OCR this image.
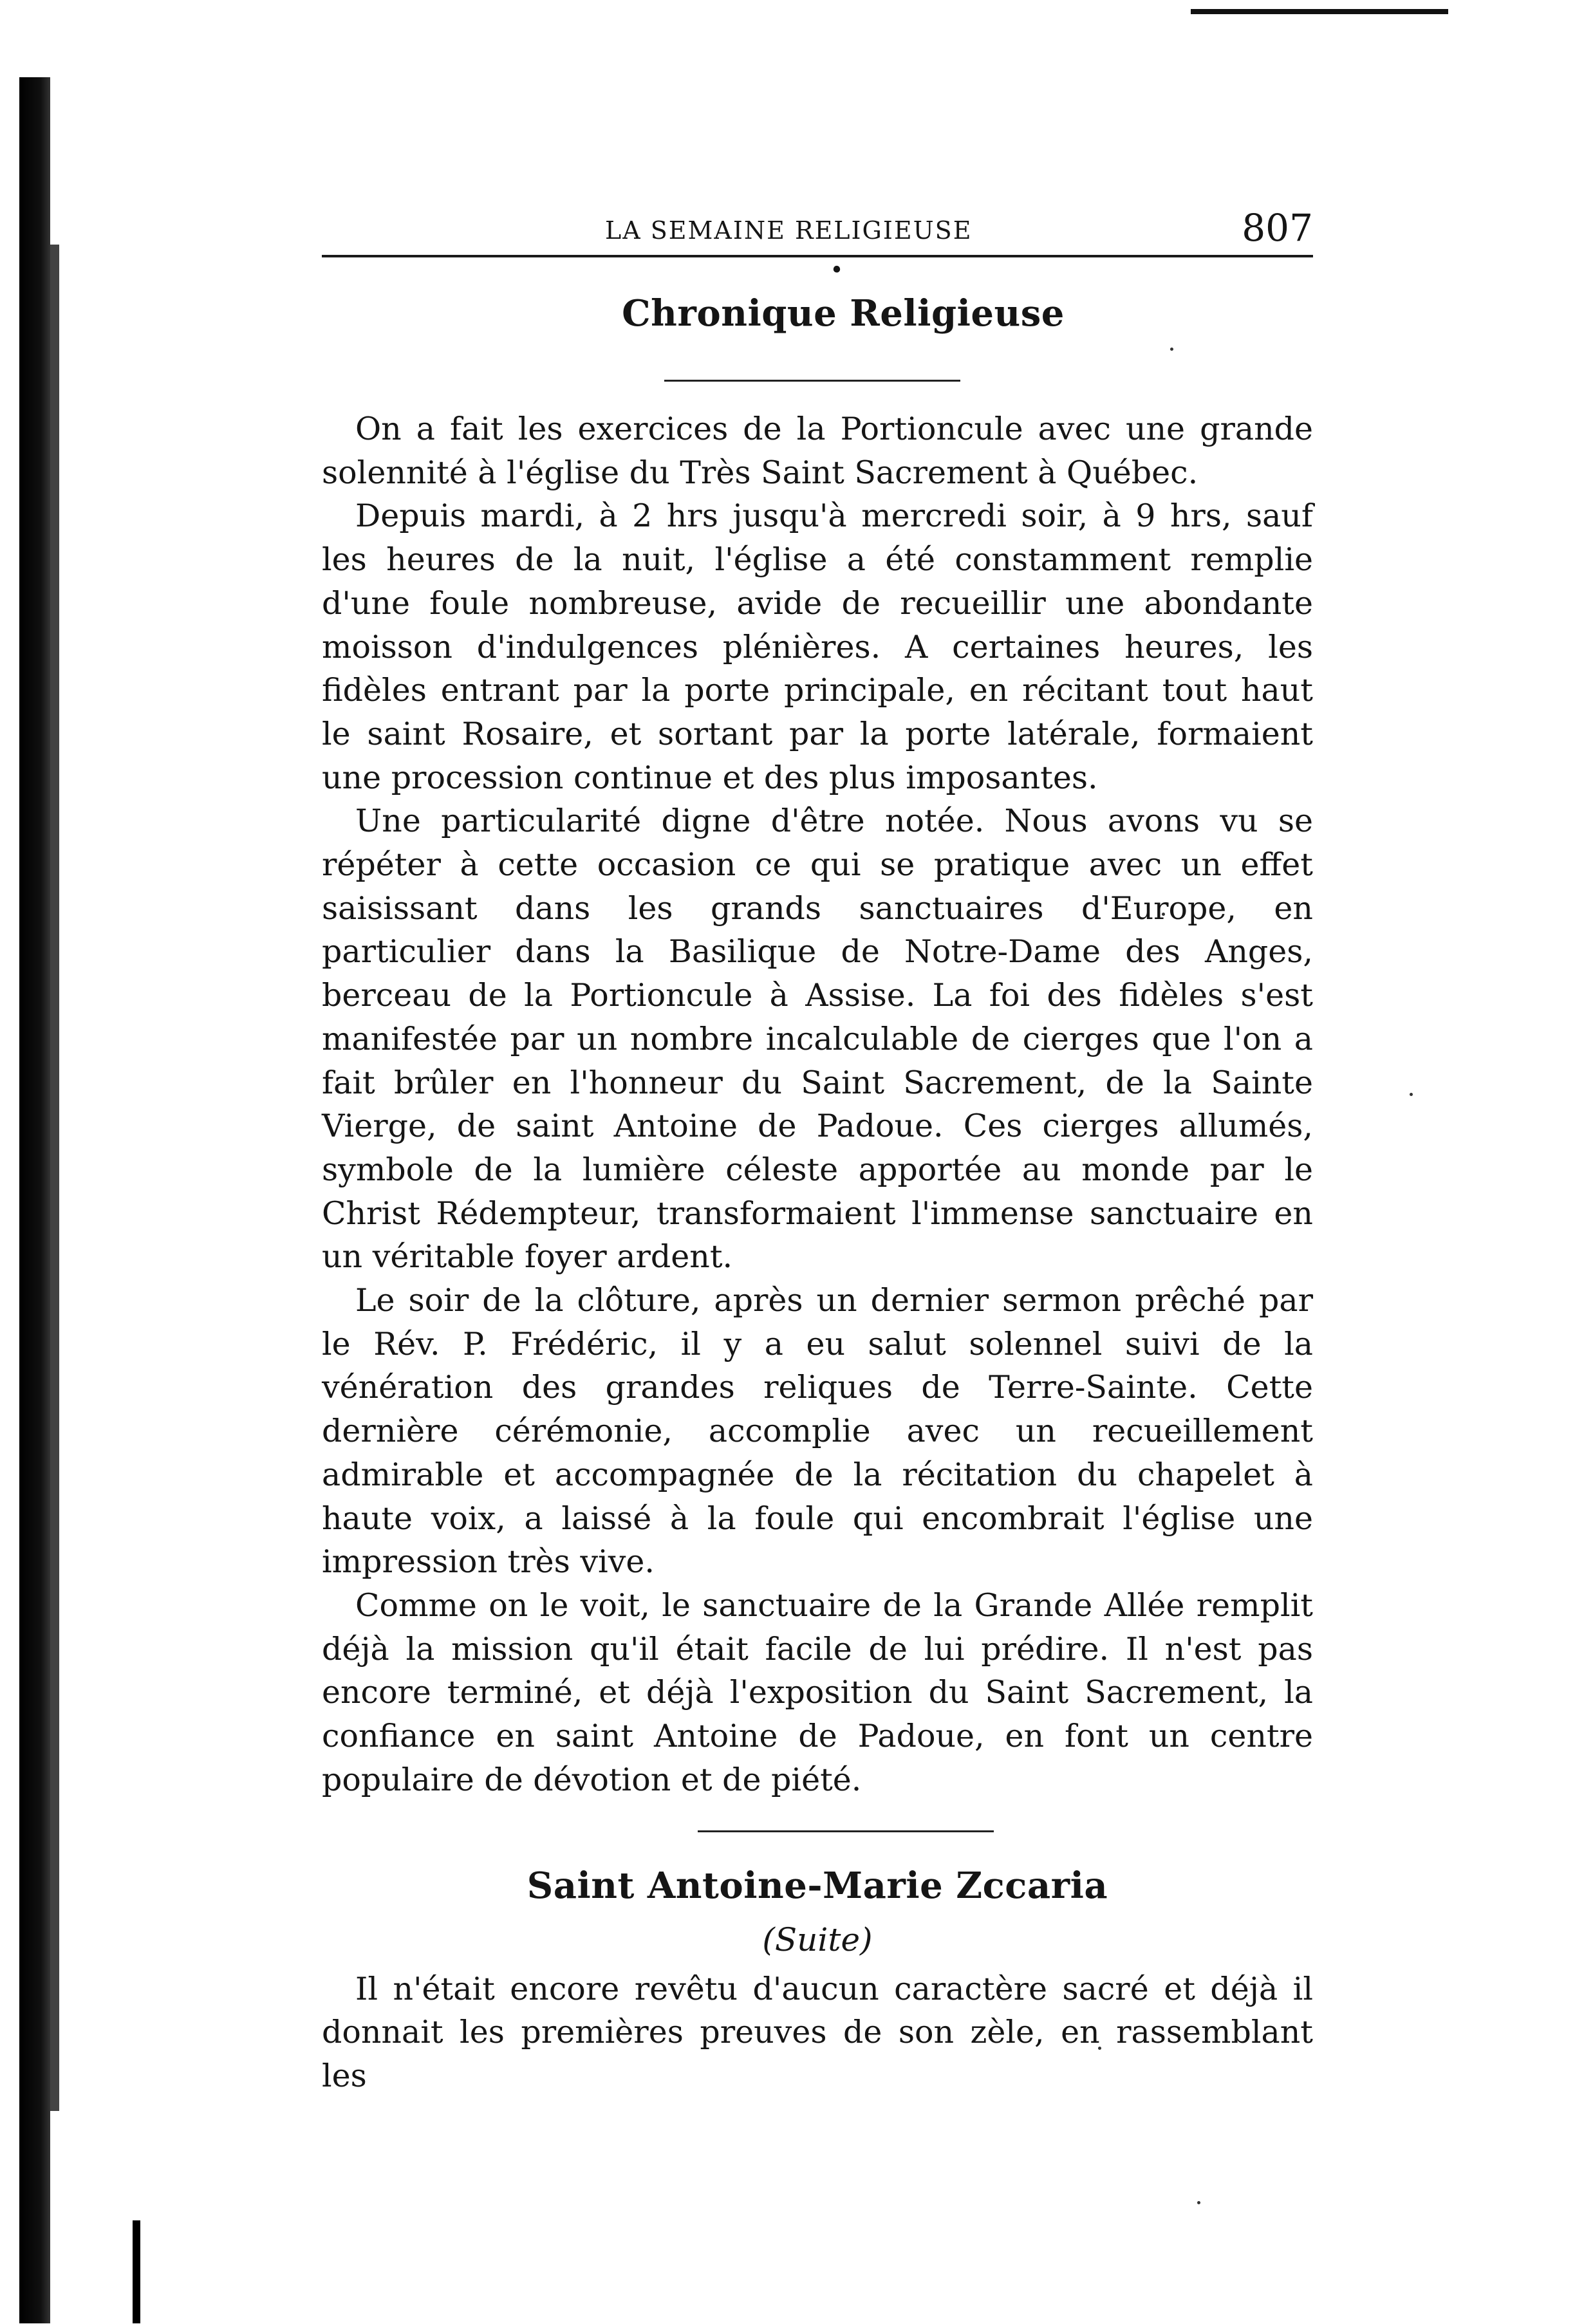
LA SEMAINE RELIGIEUSE	807
•
Chronique Religieuse

On a fait les exercices de la Portioncule avec une grande solennité à l'église du Très Saint Sacrement à Québec.

Depuis mardi, à 2 hrs jusqu'à mercredi soir, à 9 hrs, sauf les heures de la nuit, l'église a été constamment remplie d'une foule nombreuse, avide de recueillir une abondante moisson d'indulgences plénières. A certaines heures, les fidèles entrant par la porte principale, en récitant tout haut le saint Rosaire, et sortant par la porte latérale, formaient une procession continue et des plus imposantes.

Une particularité digne d'être notée. Nous avons vu se répéter à cette occasion ce qui se pratique avec un effet saisissant dans les grands sanctuaires d'Europe, en particulier dans la Basilique de Notre-Dame des Anges, berceau de la Portioncule à Assise. La foi des fidèles s'est manifestée par un nombre incalculable de cierges que l'on a fait brûler en l'honneur du Saint Sacrement, de la Sainte Vierge, de saint Antoine de Padoue. Ces cierges allumés, symbole de la lumière céleste apportée au monde par le Christ Rédempteur, transformaient l'immense sanctuaire en un véritable foyer ardent.

Le soir de la clôture, après un dernier sermon prêché par le Rév. P. Frédéric, il y a eu salut solennel suivi de la vénération des grandes reliques de Terre-Sainte. Cette dernière cérémonie, accomplie avec un recueillement admirable et accompagnée de la récitation du chapelet à haute voix, a laissé à la foule qui encombrait l'église une impression très vive.

Comme on le voit, le sanctuaire de la Grande Allée remplit déjà la mission qu'il était facile de lui prédire. Il n'est pas encore terminé, et déjà l'exposition du Saint Sacrement, la confiance en saint Antoine de Padoue, en font un centre populaire de dévotion et de piété.

Saint Antoine-Marie Zccaria
(Suite)

Il n'était encore revêtu d'aucun caractère sacré et déjà il donnait les premières preuves de son zèle, en rassemblant les
